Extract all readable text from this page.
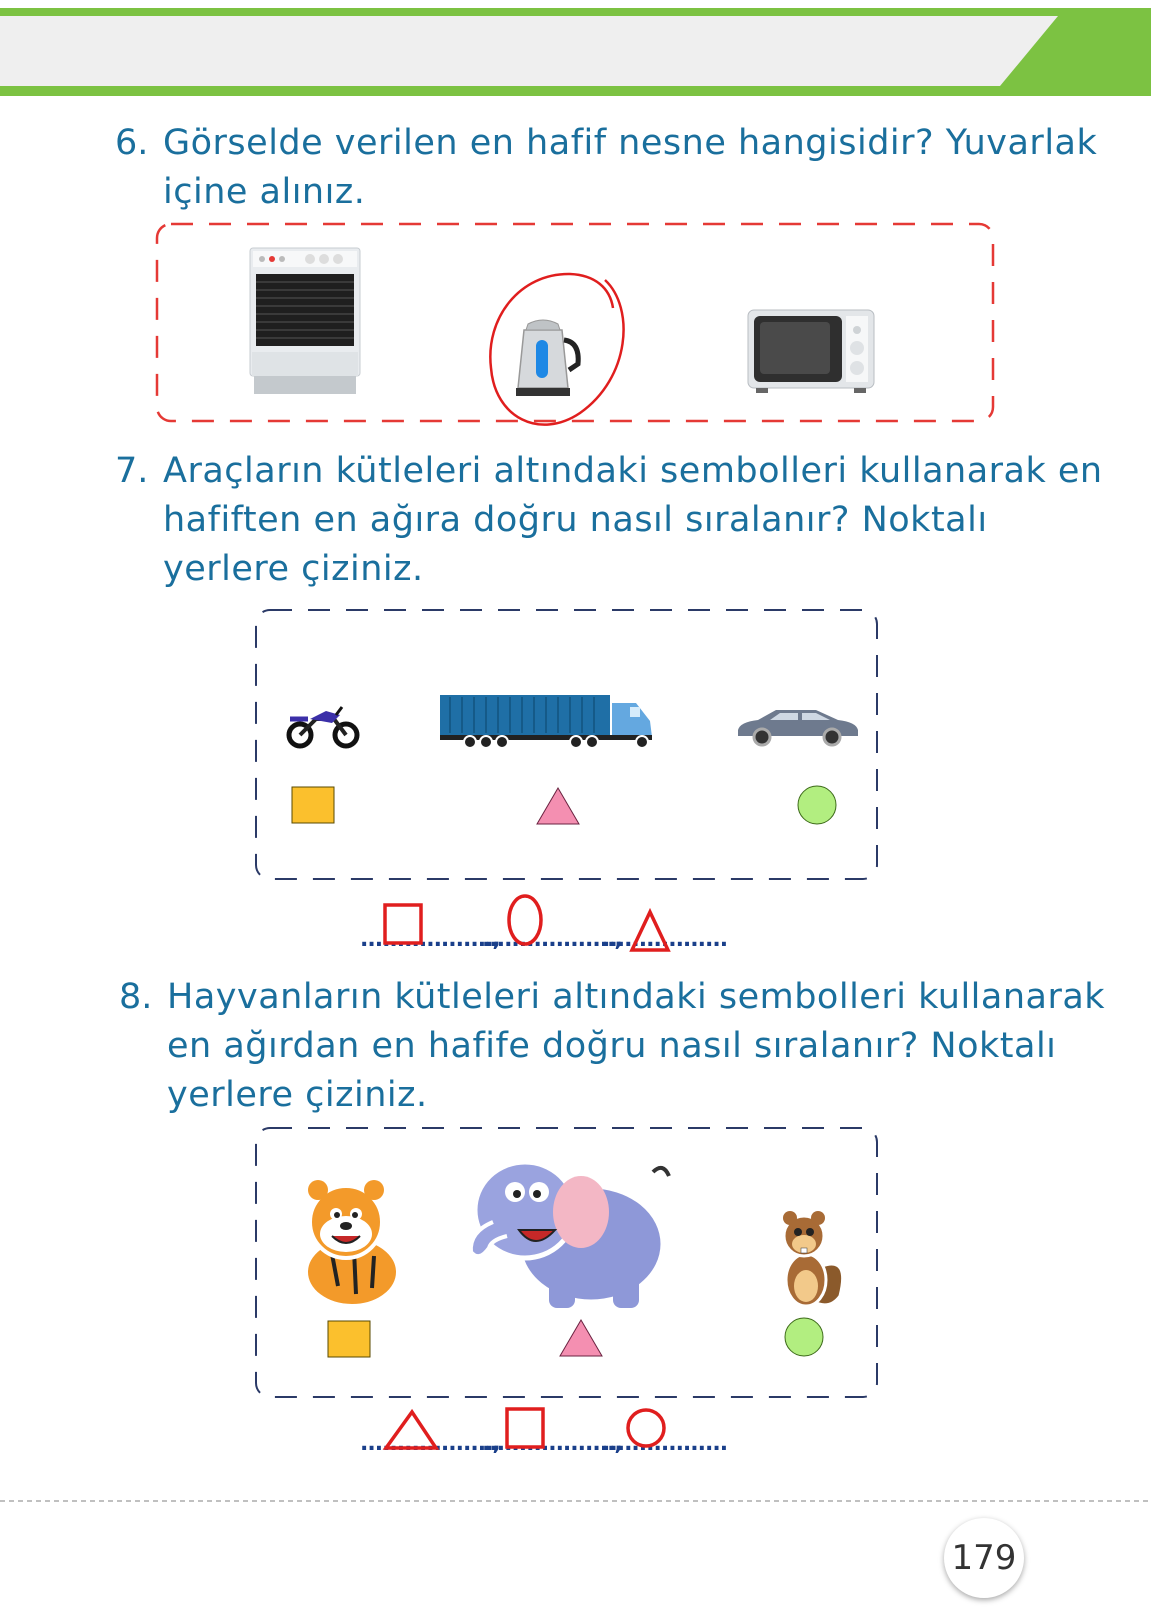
6. Görselde verilen en hafif nesne hangisidir? Yuvarlak
içine alınız.
7. Araçların kütleleri altındaki sembolleri kullanarak en
hafiften en ağıra doğru nasıl sıralanır? Noktalı
yerlere çiziniz.
..................,
..................,
.................
8. Hayvanların kütleleri altındaki sembolleri kullanarak
en ağırdan en hafife doğru nasıl sıralanır? Noktalı
yerlere çiziniz.
..................,
..................,
.................
179
